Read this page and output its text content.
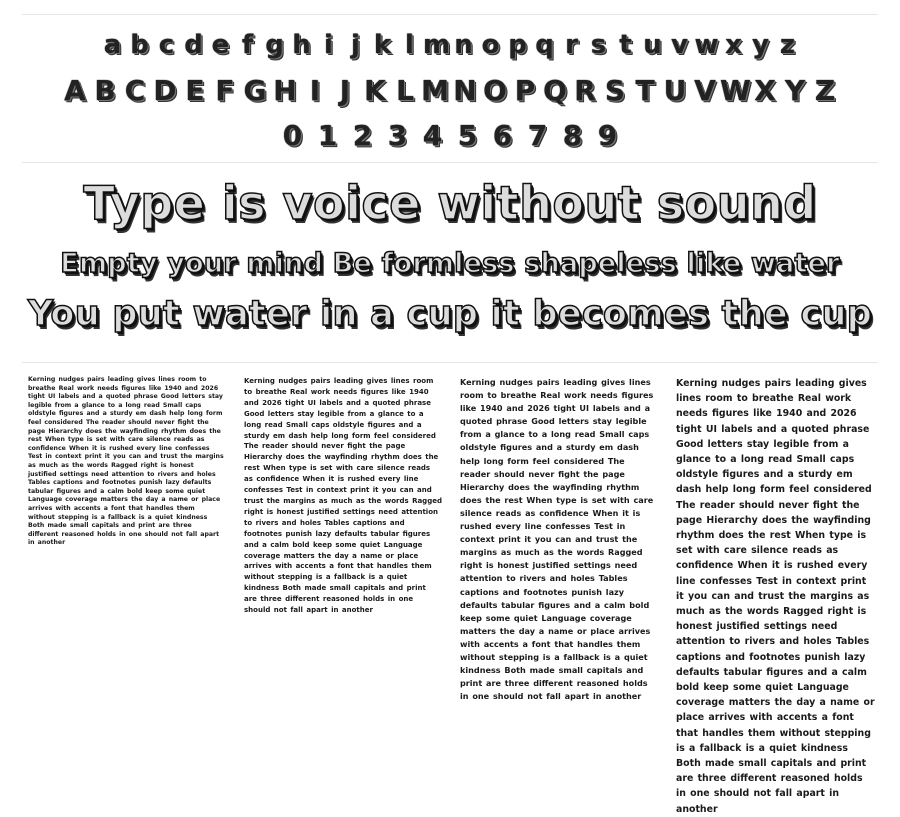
a b c d e f g h i j k l m n o p q r s t u v w x y z
A B C D E F G H I J K L M N O P Q R S T U V W X Y Z
0 1 2 3 4 5 6 7 8 9
Type is voice without sound
Empty your mind Be formless shapeless like water
You put water in a cup it becomes the cup
Kerning nudges pairs leading gives lines room to breathe Real work needs figures like 1940 and 2026 tight UI labels and a quoted phrase Good letters stay legible from a glance to a long read Small caps oldstyle figures and a sturdy em dash help long form feel considered The reader should never fight the page Hierarchy does the wayfinding rhythm does the rest When type is set with care silence reads as confidence When it is rushed every line confesses Test in context print it you can and trust the margins as much as the words Ragged right is honest justified settings need attention to rivers and holes Tables captions and footnotes punish lazy defaults tabular figures and a calm bold keep some quiet Language coverage matters the day a name or place arrives with accents a font that handles them without stepping is a fallback is a quiet kindness Both made small capitals and print are three different reasoned holds in one should not fall apart in another
Kerning nudges pairs leading gives lines room to breathe Real work needs figures like 1940 and 2026 tight UI labels and a quoted phrase Good letters stay legible from a glance to a long read Small caps oldstyle figures and a sturdy em dash help long form feel considered The reader should never fight the page Hierarchy does the wayfinding rhythm does the rest When type is set with care silence reads as confidence When it is rushed every line confesses Test in context print it you can and trust the margins as much as the words Ragged right is honest justified settings need attention to rivers and holes Tables captions and footnotes punish lazy defaults tabular figures and a calm bold keep some quiet Language coverage matters the day a name or place arrives with accents a font that handles them without stepping is a fallback is a quiet kindness Both made small capitals and print are three different reasoned holds in one should not fall apart in another
Kerning nudges pairs leading gives lines room to breathe Real work needs figures like 1940 and 2026 tight UI labels and a quoted phrase Good letters stay legible from a glance to a long read Small caps oldstyle figures and a sturdy em dash help long form feel considered The reader should never fight the page Hierarchy does the wayfinding rhythm does the rest When type is set with care silence reads as confidence When it is rushed every line confesses Test in context print it you can and trust the margins as much as the words Ragged right is honest justified settings need attention to rivers and holes Tables captions and footnotes punish lazy defaults tabular figures and a calm bold keep some quiet Language coverage matters the day a name or place arrives with accents a font that handles them without stepping is a fallback is a quiet kindness Both made small capitals and print are three different reasoned holds in one should not fall apart in another
Kerning nudges pairs leading gives lines room to breathe Real work needs figures like 1940 and 2026 tight UI labels and a quoted phrase Good letters stay legible from a glance to a long read Small caps oldstyle figures and a sturdy em dash help long form feel considered The reader should never fight the page Hierarchy does the wayfinding rhythm does the rest When type is set with care silence reads as confidence When it is rushed every line confesses Test in context print it you can and trust the margins as much as the words Ragged right is honest justified settings need attention to rivers and holes Tables captions and footnotes punish lazy defaults tabular figures and a calm bold keep some quiet Language coverage matters the day a name or place arrives with accents a font that handles them without stepping is a fallback is a quiet kindness Both made small capitals and print are three different reasoned holds in one should not fall apart in another
